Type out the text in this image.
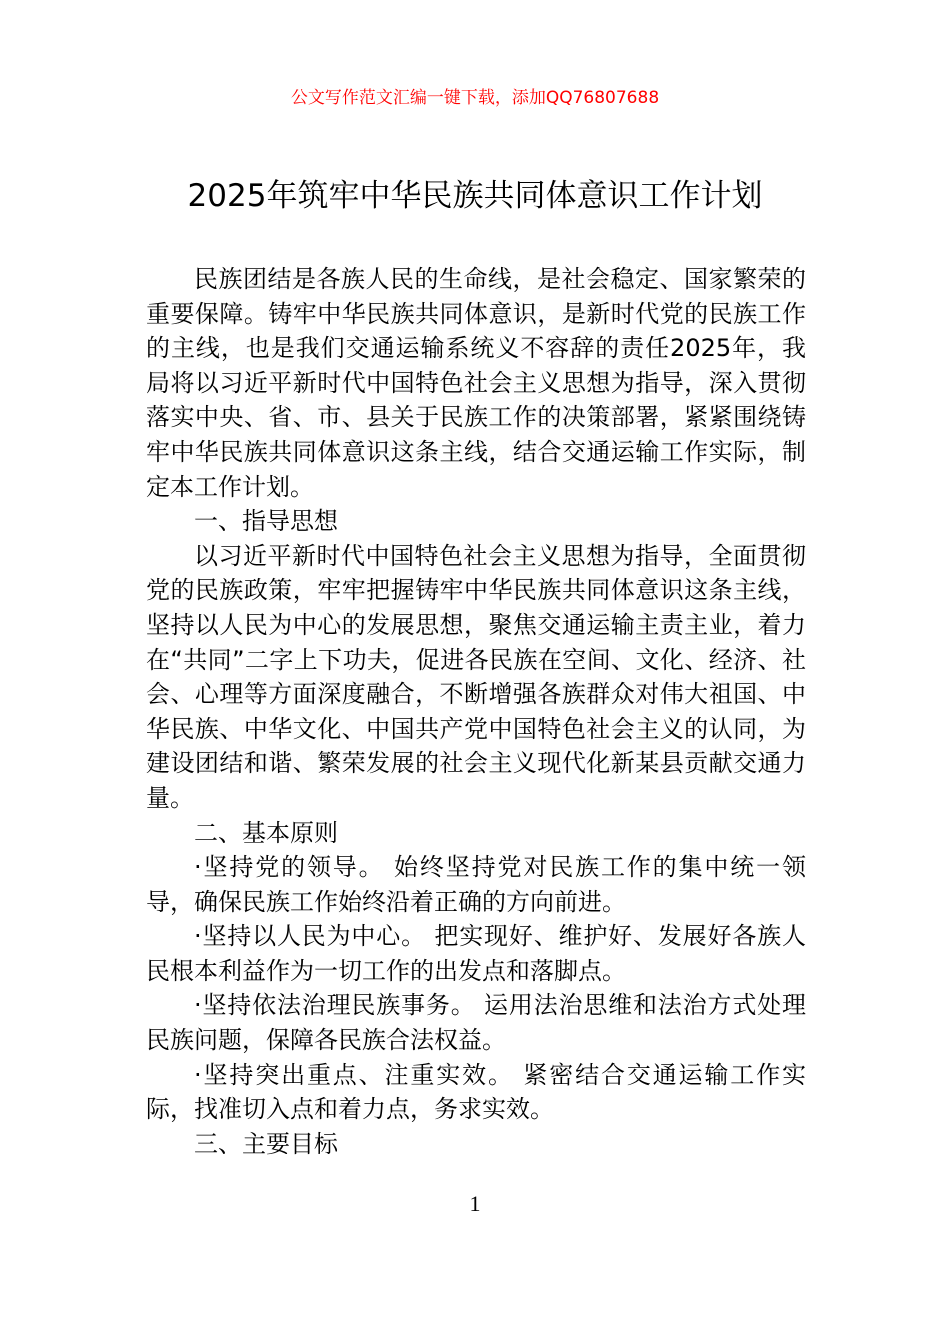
公文写作范文汇编一键下载，添加QQ76807688
2025年筑牢中华民族共同体意识工作计划

民族团结是各族人民的生命线，是社会稳定、国家繁荣的重要保障。铸牢中华民族共同体意识，是新时代党的民族工作的主线，也是我们交通运输系统义不容辞的责任2025年，我局将以习近平新时代中国特色社会主义思想为指导，深入贯彻落实中央、省、市、县关于民族工作的决策部署，紧紧围绕铸牢中华民族共同体意识这条主线，结合交通运输工作实际，制定本工作计划。

一、指导思想

以习近平新时代中国特色社会主义思想为指导，全面贯彻党的民族政策，牢牢把握铸牢中华民族共同体意识这条主线，坚持以人民为中心的发展思想，聚焦交通运输主责主业，着力在“共同”二字上下功夫，促进各民族在空间、文化、经济、社会、心理等方面深度融合，不断增强各族群众对伟大祖国、中华民族、中华文化、中国共产党中国特色社会主义的认同，为建设团结和谐、繁荣发展的社会主义现代化新某县贡献交通力量。

二、基本原则

·坚持党的领导。 始终坚持党对民族工作的集中统一领导，确保民族工作始终沿着正确的方向前进。

·坚持以人民为中心。 把实现好、维护好、发展好各族人民根本利益作为一切工作的出发点和落脚点。

·坚持依法治理民族事务。 运用法治思维和法治方式处理民族问题，保障各民族合法权益。

·坚持突出重点、注重实效。 紧密结合交通运输工作实际，找准切入点和着力点，务求实效。

三、主要目标

1
